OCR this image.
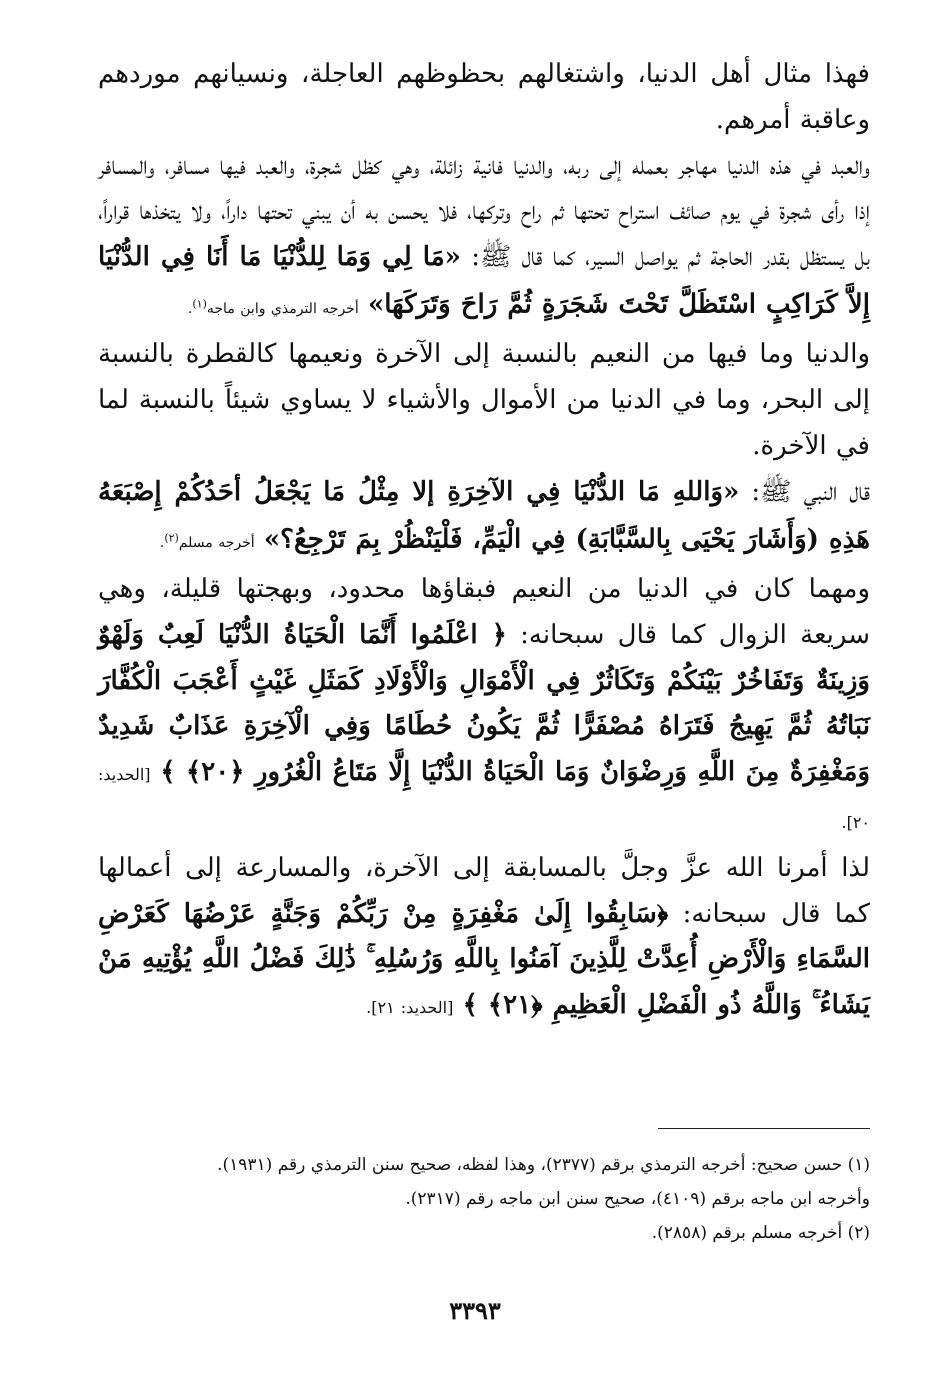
فهذا مثال أهل الدنيا، واشتغالهم بحظوظهم العاجلة، ونسيانهم موردهم وعاقبة أمرهم.

والعبد في هذه الدنيا مهاجر بعمله إلى ربه، والدنيا فانية زائلة، وهي كظل شجرة، والعبد فيها مسافر، والمسافر إذا رأى شجرة في يوم صائف استراح تحتها ثم راح وتركها، فلا يحسن به أن يبني تحتها داراً، ولا يتخذها قراراً، بل يستظل بقدر الحاجة ثم يواصل السير، كما قال ﷺ: «مَا لِي وَمَا لِلدُّنْيَا مَا أَنَا فِي الدُّنْيَا إِلاَّ كَرَاكِبٍ اسْتَظَلَّ تَحْتَ شَجَرَةٍ ثُمَّ رَاحَ وَتَرَكَهَا» أخرجه الترمذي وابن ماجه$^{(١)}$.

والدنيا وما فيها من النعيم بالنسبة إلى الآخرة ونعيمها كالقطرة بالنسبة إلى البحر، وما في الدنيا من الأموال والأشياء لا يساوي شيئاً بالنسبة لما في الآخرة.

قال النبي ﷺ: «وَاللهِ مَا الدُّنْيَا فِي الآخِرَةِ إلا مِثْلُ مَا يَجْعَلُ أحَدُكُمْ إِصْبَعَهُ هَذِهِ (وَأَشَارَ يَحْيَى بِالسَّبَّابَةِ) فِي الْيَمِّ، فَلْيَنْظُرْ بِمَ تَرْجِعُ؟» أخرجه مسلم$^{(٢)}$.

ومهما كان في الدنيا من النعيم فبقاؤها محدود، وبهجتها قليلة، وهي سريعة الزوال كما قال سبحانه: ﴿ اعْلَمُوا أَنَّمَا الْحَيَاةُ الدُّنْيَا لَعِبٌ وَلَهْوٌ وَزِينَةٌ وَتَفَاخُرٌ بَيْنَكُمْ وَتَكَاثُرٌ فِي الْأَمْوَالِ وَالْأَوْلَادِ كَمَثَلِ غَيْثٍ أَعْجَبَ الْكُفَّارَ نَبَاتُهُ ثُمَّ يَهِيجُ فَتَرَاهُ مُصْفَرًّا ثُمَّ يَكُونُ حُطَامًا وَفِي الْآخِرَةِ عَذَابٌ شَدِيدٌ وَمَغْفِرَةٌ مِنَ اللَّهِ وَرِضْوَانٌ وَمَا الْحَيَاةُ الدُّنْيَا إِلَّا مَتَاعُ الْغُرُورِ ﴿٢٠﴾ ﴾ [الحديد: ٢٠].

لذا أمرنا الله عزَّ وجلَّ بالمسابقة إلى الآخرة، والمسارعة إلى أعمالها كما قال سبحانه: ﴿سَابِقُوا إِلَىٰ مَغْفِرَةٍ مِنْ رَبِّكُمْ وَجَنَّةٍ عَرْضُهَا كَعَرْضِ السَّمَاءِ وَالْأَرْضِ أُعِدَّتْ لِلَّذِينَ آمَنُوا بِاللَّهِ وَرُسُلِهِ ۚ ذَٰلِكَ فَضْلُ اللَّهِ يُؤْتِيهِ مَنْ يَشَاءُ ۚ وَاللَّهُ ذُو الْفَضْلِ الْعَظِيمِ ﴿٢١﴾ ﴾ [الحديد: ٢١].

(١) حسن صحيح: أخرجه الترمذي برقم (٢٣٧٧)، وهذا لفظه، صحيح سنن الترمذي رقم (١٩٣١).

وأخرجه ابن ماجه برقم (٤١٠٩)، صحيح سنن ابن ماجه رقم (٢٣١٧).

(٢) أخرجه مسلم برقم (٢٨٥٨).

٣٣٩٣
